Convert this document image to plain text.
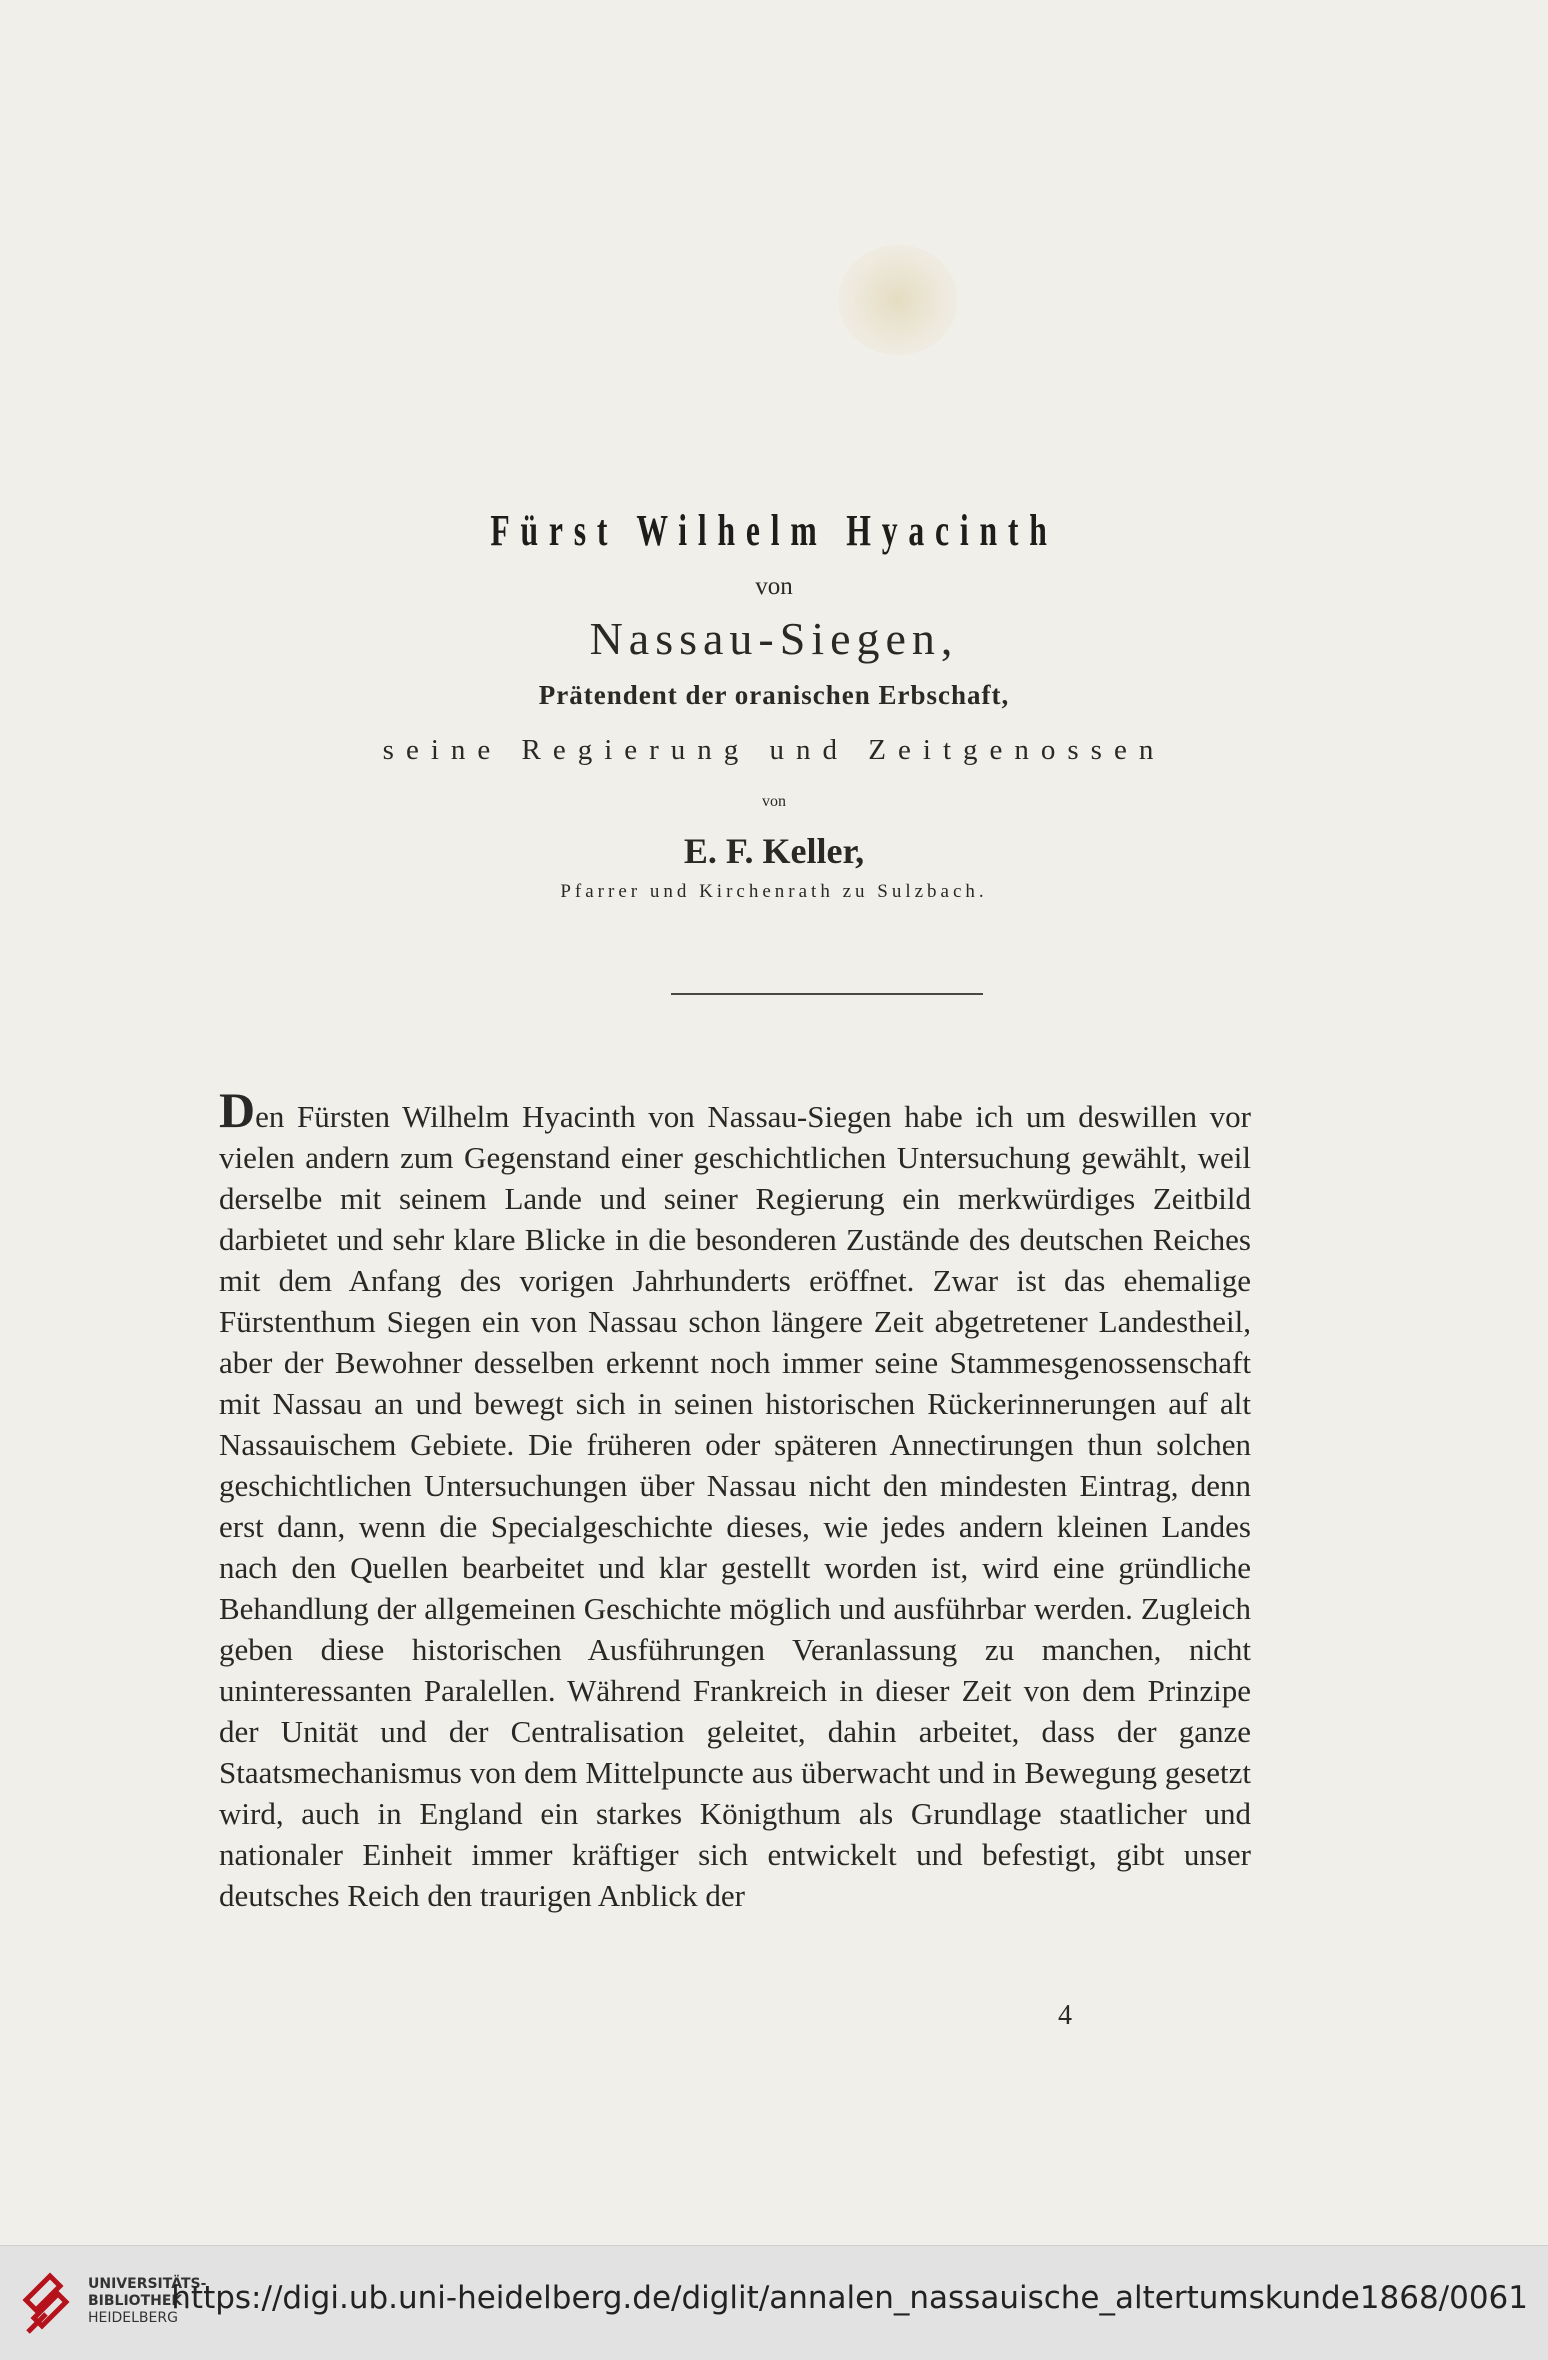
Fürst Wilhelm Hyacinth
von
Nassau-Siegen,
Prätendent der oranischen Erbschaft,
seine Regierung und Zeitgenossen
von
E. F. Keller,
Pfarrer und Kirchenrath zu Sulzbach.
Den Fürsten Wilhelm Hyacinth von Nassau-Siegen habe ich um deswillen vor vielen andern zum Gegenstand einer geschichtlichen Untersuchung gewählt, weil derselbe mit seinem Lande und seiner Regierung ein merkwürdiges Zeitbild darbietet und sehr klare Blicke in die besonderen Zustände des deutschen Reiches mit dem Anfang des vorigen Jahrhunderts eröffnet. Zwar ist das ehemalige Fürstenthum Siegen ein von Nassau schon längere Zeit abgetretener Landestheil, aber der Bewohner desselben erkennt noch immer seine Stammesgenossenschaft mit Nassau an und bewegt sich in seinen historischen Rückerinnerungen auf alt Nassauischem Gebiete. Die früheren oder späteren Annectirungen thun solchen geschichtlichen Untersuchungen über Nassau nicht den mindesten Eintrag, denn erst dann, wenn die Specialgeschichte dieses, wie jedes andern kleinen Landes nach den Quellen bearbeitet und klar gestellt worden ist, wird eine gründliche Behandlung der allgemeinen Geschichte möglich und ausführbar werden. Zugleich geben diese historischen Ausführungen Veranlassung zu manchen, nicht uninteressanten Paralellen. Während Frankreich in dieser Zeit von dem Prinzipe der Unität und der Centralisation geleitet, dahin arbeitet, dass der ganze Staatsmechanismus von dem Mittelpuncte aus überwacht und in Bewegung gesetzt wird, auch in England ein starkes Königthum als Grundlage staatlicher und nationaler Einheit immer kräftiger sich entwickelt und befestigt, gibt unser deutsches Reich den traurigen Anblick der
4
UNIVERSITÄTS-
BIBLIOTHEK
HEIDELBERG
https://digi.ub.uni-heidelberg.de/diglit/annalen_nassauische_altertumskunde1868/0061
